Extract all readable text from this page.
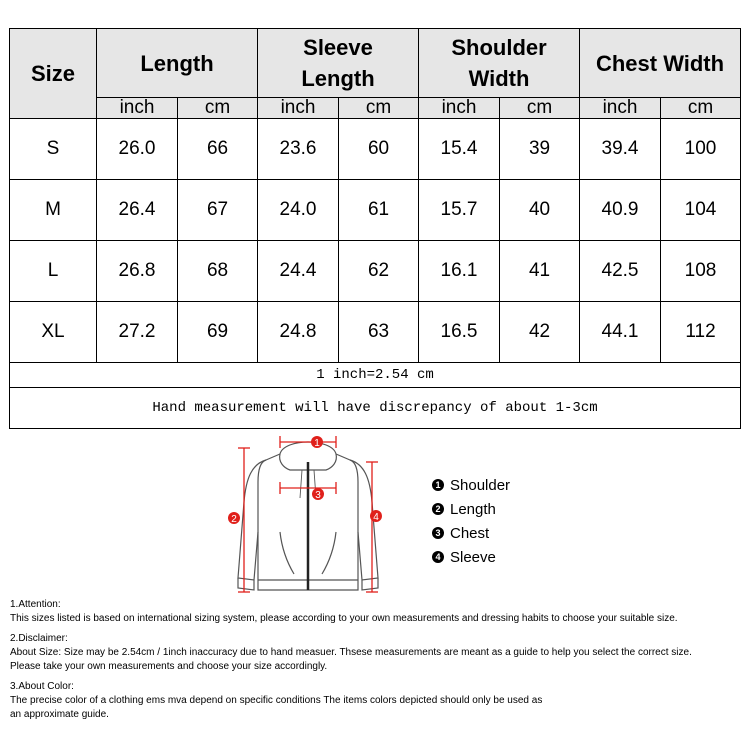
Size	Length		Sleeve Length		Shoulder Width		Chest Width	
	inch	cm	inch	cm	inch	cm	inch	cm
S	26.0	66	23.6	60	15.4	39	39.4	100
M	26.4	67	24.0	61	15.7	40	40.9	104
L	26.8	68	24.4	62	16.1	41	42.5	108
XL	27.2	69	24.8	63	16.5	42	44.1	112
1 inch=2.54 cm								
Hand measurement will have discrepancy of about 1-3cm								
1
3
2	4
1 Shoulder
2 Length
3 Chest
4 Sleeve

1.Attention:

This sizes listed is based on international sizing system, please according to your own measurements and dressing habits to choose your suitable size.

2.Disclaimer:

About Size: Size may be 2.54cm / 1inch inaccuracy due to hand measuer. Thsese measurements are meant as a guide to help you select the correct size.

Please take your own measurements and choose your size accordingly.

3.About Color:

The precise color of a clothing ems mva depend on specific conditions The items colors depicted should only be used as

an approximate guide.
